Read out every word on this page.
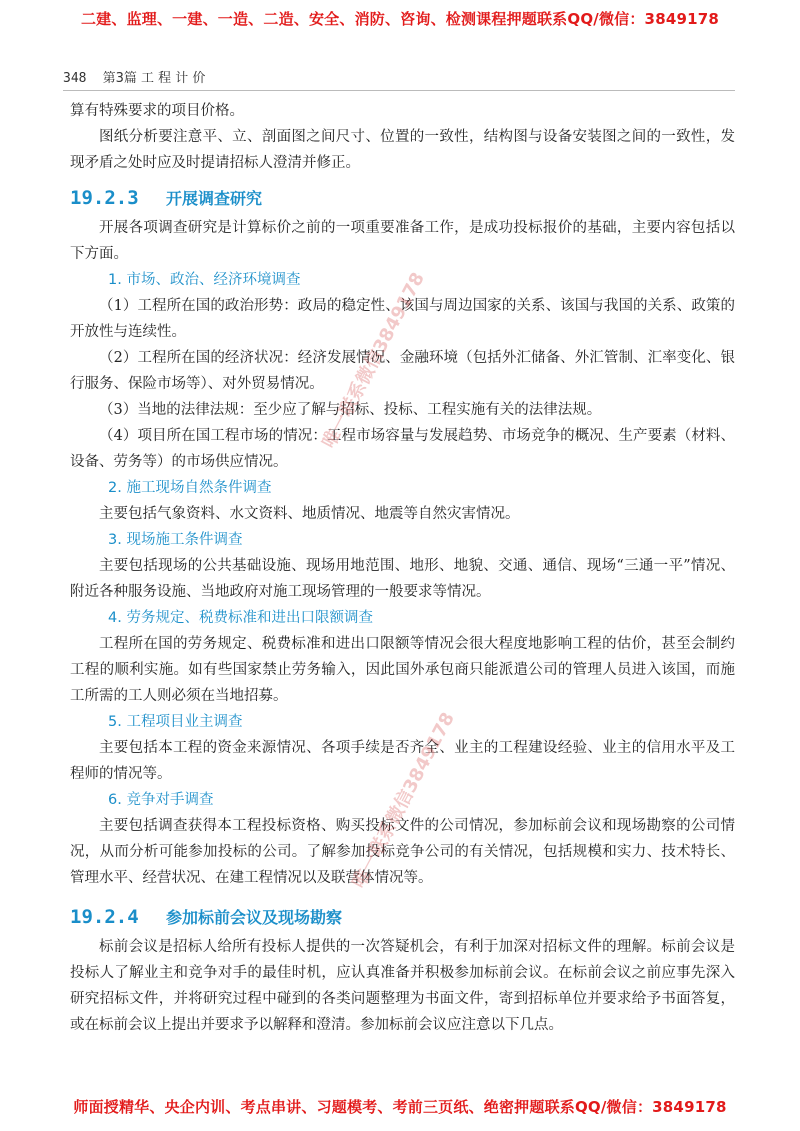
二建、监理、一建、一造、二造、安全、消防、咨询、检测课程押题联系QQ/微信：3849178
348 第3篇 工 程 计 价

算有特殊要求的项目价格。

图纸分析要注意平、立、剖面图之间尺寸、位置的一致性，结构图与设备安装图之间的一致性，发现矛盾之处时应及时提请招标人澄清并修正。

19.2.3	开展调查研究

开展各项调查研究是计算标价之前的一项重要准备工作，是成功投标报价的基础，主要内容包括以下方面。

1. 市场、政治、经济环境调查

（1）工程所在国的政治形势：政局的稳定性、该国与周边国家的关系、该国与我国的关系、政策的开放性与连续性。

（2）工程所在国的经济状况：经济发展情况、金融环境（包括外汇储备、外汇管制、汇率变化、银行服务、保险市场等）、对外贸易情况。

（3）当地的法律法规：至少应了解与招标、投标、工程实施有关的法律法规。

（4）项目所在国工程市场的情况：工程市场容量与发展趋势、市场竞争的概况、生产要素（材料、设备、劳务等）的市场供应情况。

2. 施工现场自然条件调查

主要包括气象资料、水文资料、地质情况、地震等自然灾害情况。

3. 现场施工条件调查

主要包括现场的公共基础设施、现场用地范围、地形、地貌、交通、通信、现场“三通一平”情况、附近各种服务设施、当地政府对施工现场管理的一般要求等情况。

4. 劳务规定、税费标准和进出口限额调查

工程所在国的劳务规定、税费标准和进出口限额等情况会很大程度地影响工程的估价，甚至会制约工程的顺利实施。如有些国家禁止劳务输入，因此国外承包商只能派遣公司的管理人员进入该国，而施工所需的工人则必须在当地招募。

5. 工程项目业主调查

主要包括本工程的资金来源情况、各项手续是否齐全、业主的工程建设经验、业主的信用水平及工程师的情况等。

6. 竞争对手调查

主要包括调查获得本工程投标资格、购买投标文件的公司情况，参加标前会议和现场勘察的公司情况，从而分析可能参加投标的公司。了解参加投标竞争公司的有关情况，包括规模和实力、技术特长、管理水平、经营状况、在建工程情况以及联营体情况等。

19.2.4	参加标前会议及现场勘察

标前会议是招标人给所有投标人提供的一次答疑机会，有利于加深对招标文件的理解。标前会议是投标人了解业主和竞争对手的最佳时机，应认真准备并积极参加标前会议。在标前会议之前应事先深入研究招标文件，并将研究过程中碰到的各类问题整理为书面文件，寄到招标单位并要求给予书面答复，或在标前会议上提出并要求予以解释和澄清。参加标前会议应注意以下几点。

唯一联系微信3849178
唯一联系微信3849178
师面授精华、央企内训、考点串讲、习题模考、考前三页纸、绝密押题联系QQ/微信：3849178
